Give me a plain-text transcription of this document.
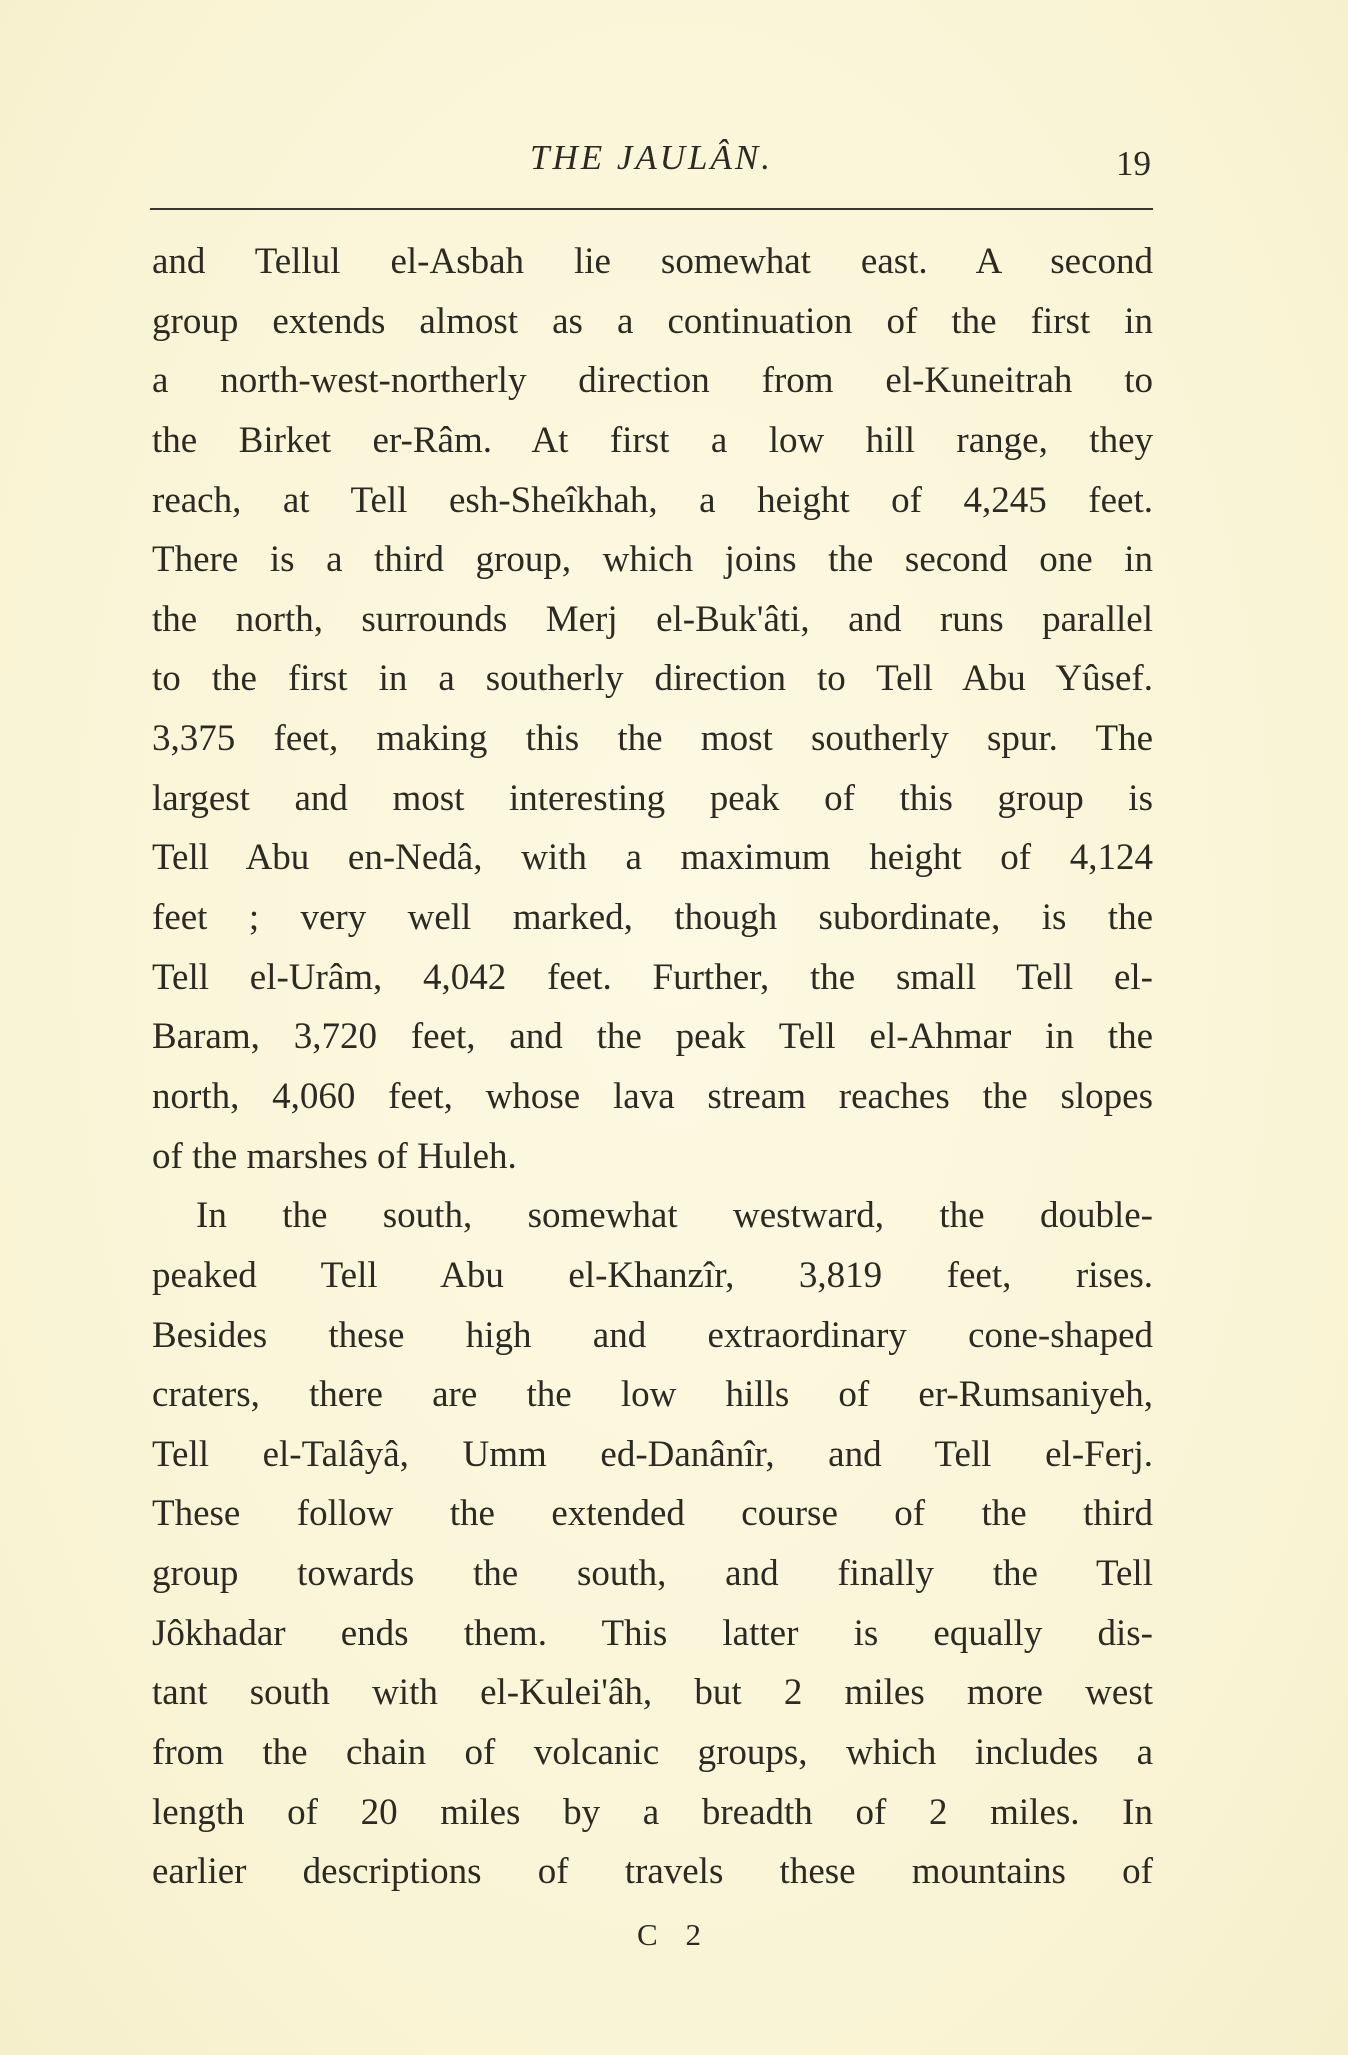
THE JAULÂN.	19
and Tellul el-Asbah lie somewhat east. A second
group extends almost as a continuation of the first in
a north-west-northerly direction from el-Kuneitrah to
the Birket er-Râm. At first a low hill range, they
reach, at Tell esh-Sheîkhah, a height of 4,245 feet.
There is a third group, which joins the second one in
the north, surrounds Merj el-Buk'âti, and runs parallel
to the first in a southerly direction to Tell Abu Yûsef.
3,375 feet, making this the most southerly spur. The
largest and most interesting peak of this group is
Tell Abu en-Nedâ, with a maximum height of 4,124
feet ; very well marked, though subordinate, is the
Tell el-Urâm, 4,042 feet. Further, the small Tell el-
Baram, 3,720 feet, and the peak Tell el-Ahmar in the
north, 4,060 feet, whose lava stream reaches the slopes
of the marshes of Huleh.
In the south, somewhat westward, the double-
peaked Tell Abu el-Khanzîr, 3,819 feet, rises.
Besides these high and extraordinary cone-shaped
craters, there are the low hills of er-Rumsaniyeh,
Tell el-Talâyâ, Umm ed-Danânîr, and Tell el-Ferj.
These follow the extended course of the third
group towards the south, and finally the Tell
Jôkhadar ends them. This latter is equally dis-
tant south with el-Kulei'âh, but 2 miles more west
from the chain of volcanic groups, which includes a
length of 20 miles by a breadth of 2 miles. In
earlier descriptions of travels these mountains of
C 2
